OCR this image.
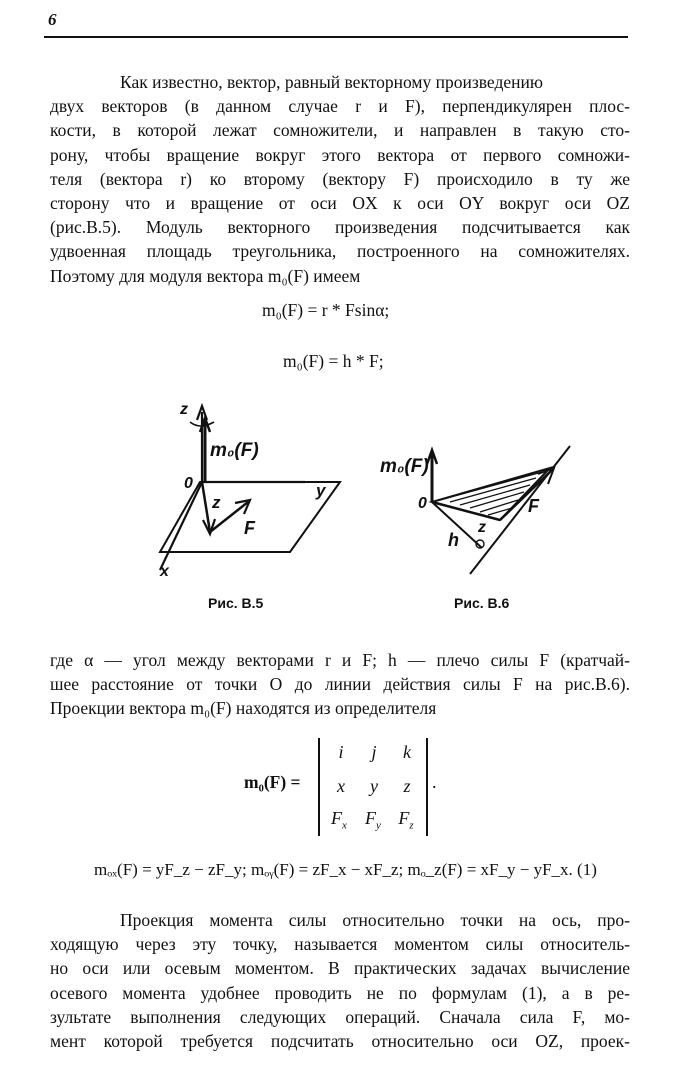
6
Как известно, вектор, равный векторному произведению
двух векторов (в данном случае r и F), перпендикулярен плос-
кости, в которой лежат сомножители, и направлен в такую сто-
рону, чтобы вращение вокруг этого вектора от первого сомножи-
теля (вектора r) ко второму (вектору F) происходило в ту же
сторону что и вращение от оси OX к оси OY вокруг оси OZ
(рис.В.5). Модуль векторного произведения подсчитывается как
удвоенная площадь треугольника, построенного на сомножителях.
Поэтому для модуля вектора m₀(F) имеем
m₀(F) = r * Fsinα;
m₀(F) = h * F;
z
m₀(F)
0	y
z
F
x
m₀(F)
0	F
z
h
Рис. В.5	Рис. В.6
где α — угол между векторами r и F; h — плечо силы F (кратчай-
шее расстояние от точки O до линии действия силы F на рис.В.6).
Проекции вектора m₀(F) находятся из определителя
m₀(F) =
i	j	k
x	y	z
$F_x$	$F_y$ $F_z$
.
mₒₓ(F) = yF_z − zF_y; mₒᵧ(F) = zF_x − xF_z; mₒ_z(F) = xF_y − yF_x. (1)
Проекция момента силы относительно точки на ось, про-
ходящую через эту точку, называется моментом силы относитель-
но оси или осевым моментом. В практических задачах вычисление
осевого момента удобнее проводить не по формулам (1), а в ре-
зультате выполнения следующих операций. Сначала сила F, мо-
мент которой требуется подсчитать относительно оси OZ, проек-
